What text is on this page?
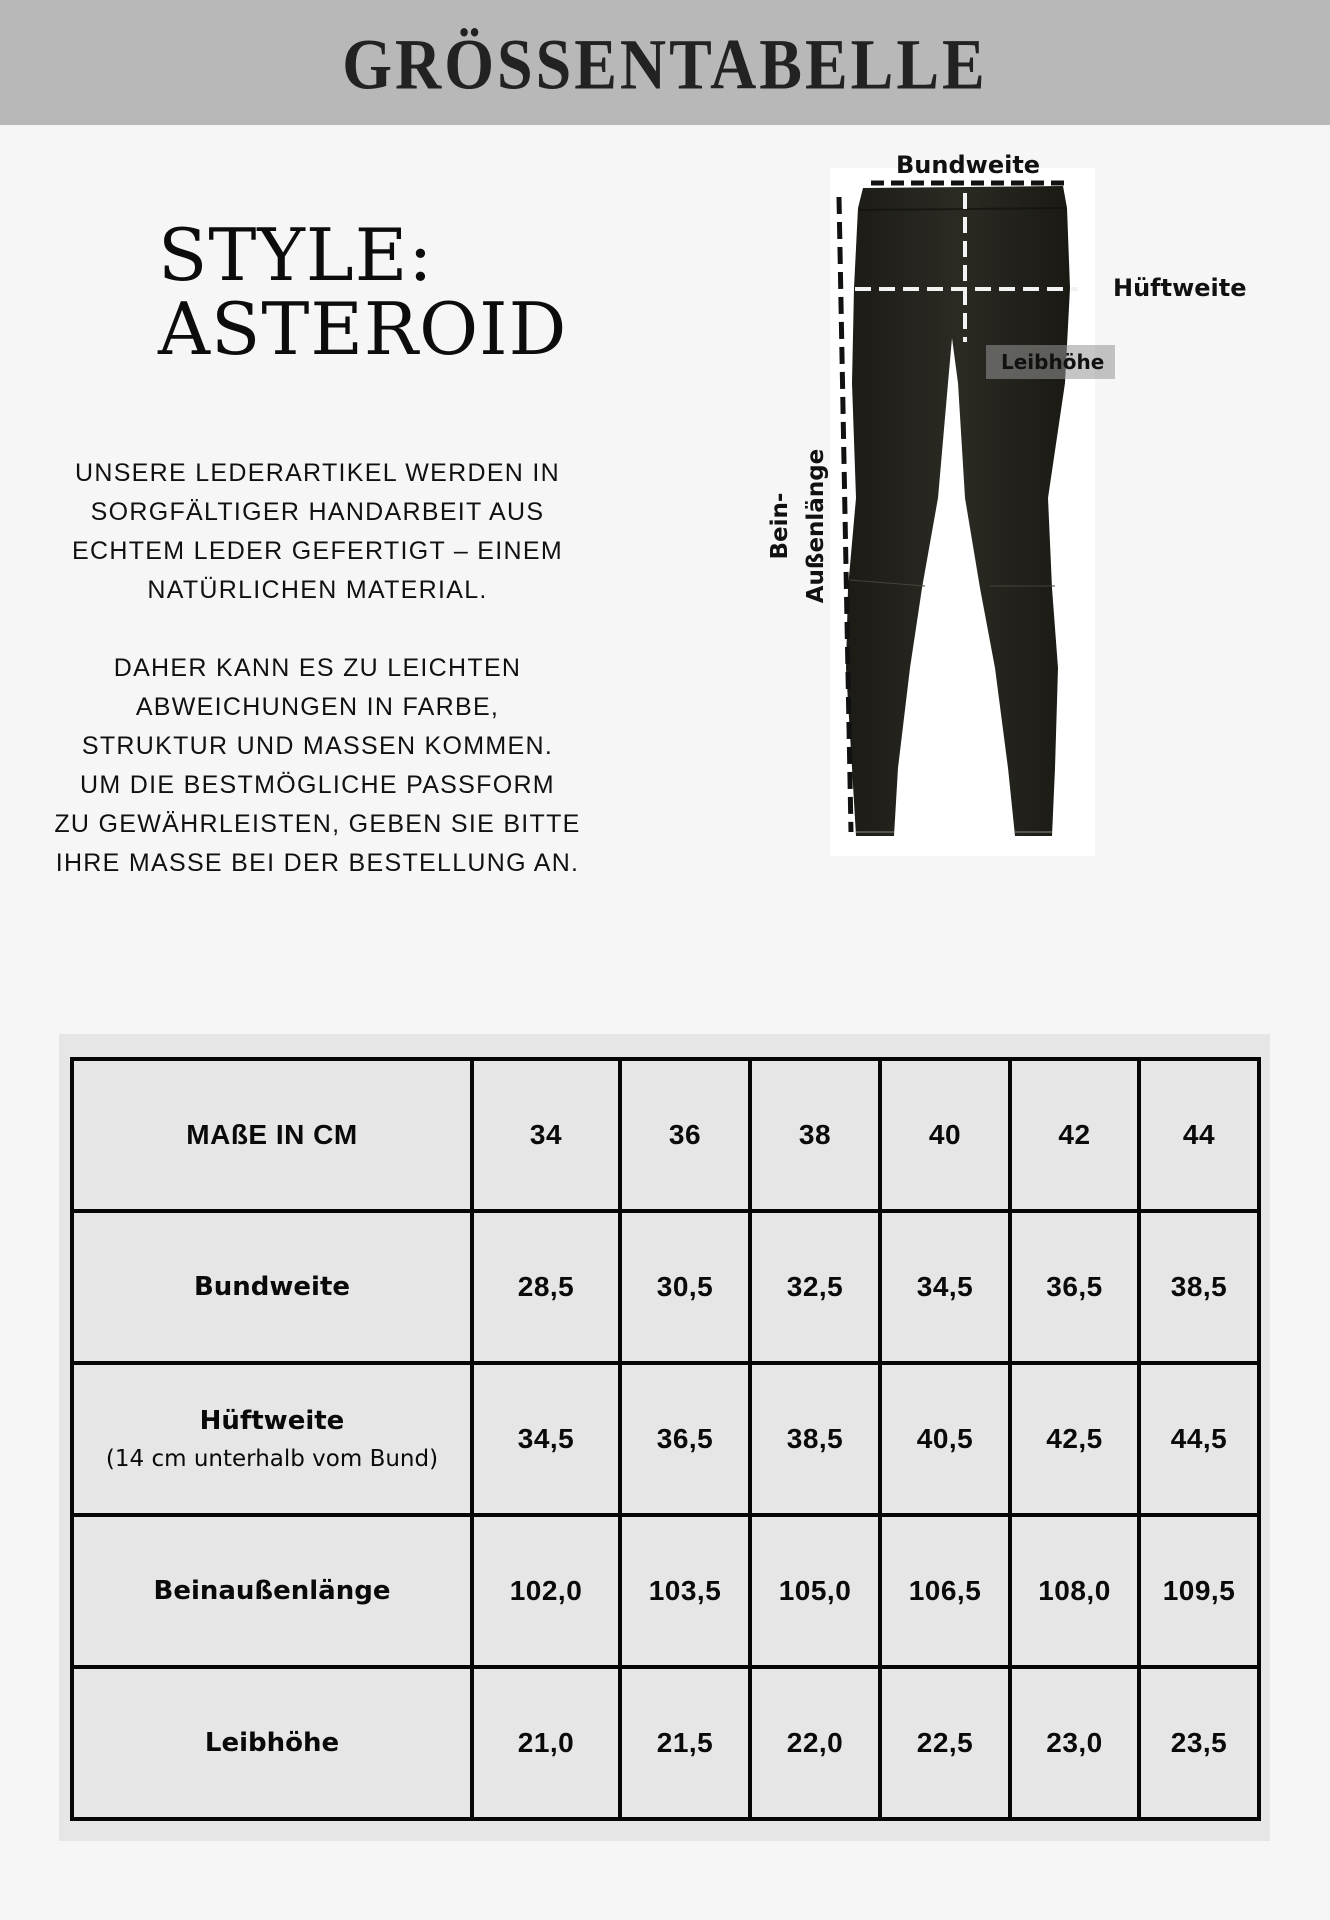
GRÖSSENTABELLE
STYLE:
ASTEROID
UNSERE LEDERARTIKEL WERDEN IN
SORGFÄLTIGER HANDARBEIT AUS
ECHTEM LEDER GEFERTIGT – EINEM
NATÜRLICHEN MATERIAL.
DAHER KANN ES ZU LEICHTEN
ABWEICHUNGEN IN FARBE,
STRUKTUR UND MASSEN KOMMEN.
UM DIE BESTMÖGLICHE PASSFORM
ZU GEWÄHRLEISTEN, GEBEN SIE BITTE
IHRE MASSE BEI DER BESTELLUNG AN.
Bundweite
Hüftweite
Leibhöhe
Bein- Außenlänge
MAßE IN CM	34	36	38	40	42	44
Bundweite	28,5	30,5	32,5	34,5	36,5	38,5
Hüftweite
(14 cm unterhalb vom Bund)	34,5	36,5	38,5	40,5	42,5	44,5
Beinaußenlänge	102,0	103,5	105,0	106,5	108,0	109,5
Leibhöhe	21,0	21,5	22,0	22,5	23,0	23,5
